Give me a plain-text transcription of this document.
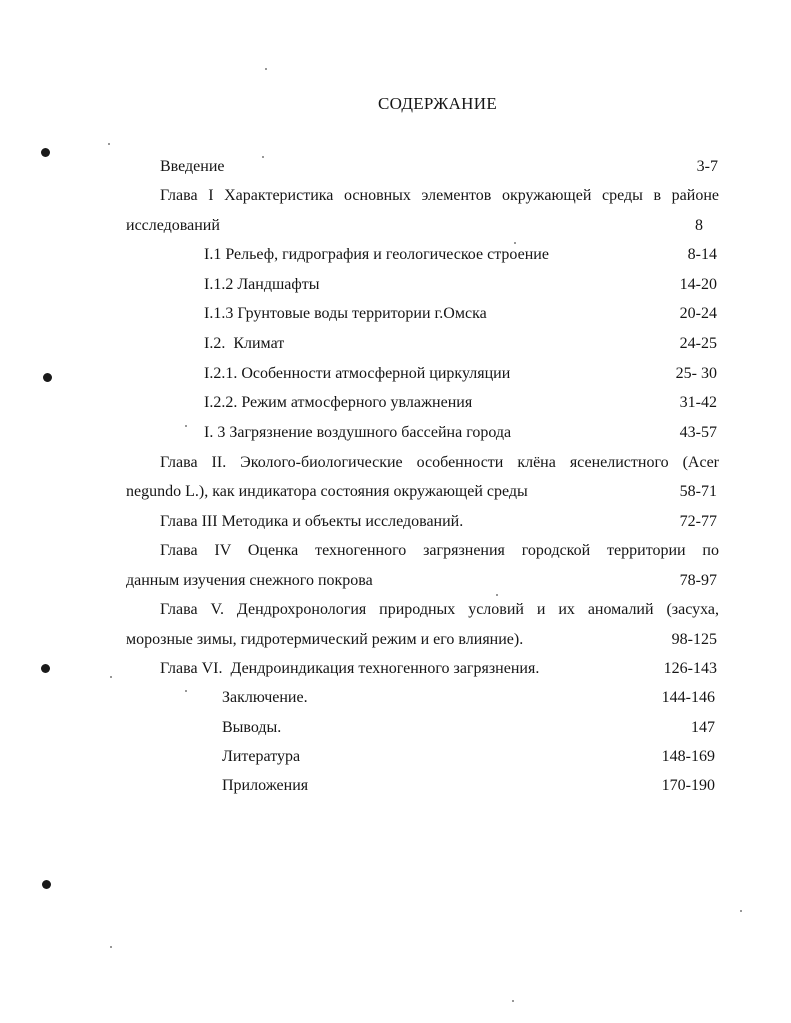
СОДЕРЖАНИЕ
Введение	3-7
Глава I Характеристика основных элементов окружающей среды в районе
исследований	8
I.1 Рельеф, гидрография и геологическое строение	8-14
I.1.2 Ландшафты	14-20
I.1.3 Грунтовые воды территории г.Омска	20-24
I.2.  Климат	24-25
I.2.1. Особенности атмосферной циркуляции	25- 30
I.2.2. Режим атмосферного увлажнения	31-42
I. 3 Загрязнение воздушного бассейна города	43-57
Глава II. Эколого-биологические особенности клёна ясенелистного (Acer
negundo L.), как индикатора состояния окружающей среды	58-71
Глава III Методика и объекты исследований.	72-77
Глава IV Оценка техногенного загрязнения городской территории по
данным изучения снежного покрова	78-97
Глава V. Дендрохронология природных условий и их аномалий (засуха,
морозные зимы, гидротермический режим и его влияние).	98-125
Глава VI.  Дендроиндикация техногенного загрязнения.	126-143
Заключение.	144-146
Выводы.	147
Литература	148-169
Приложения	170-190
